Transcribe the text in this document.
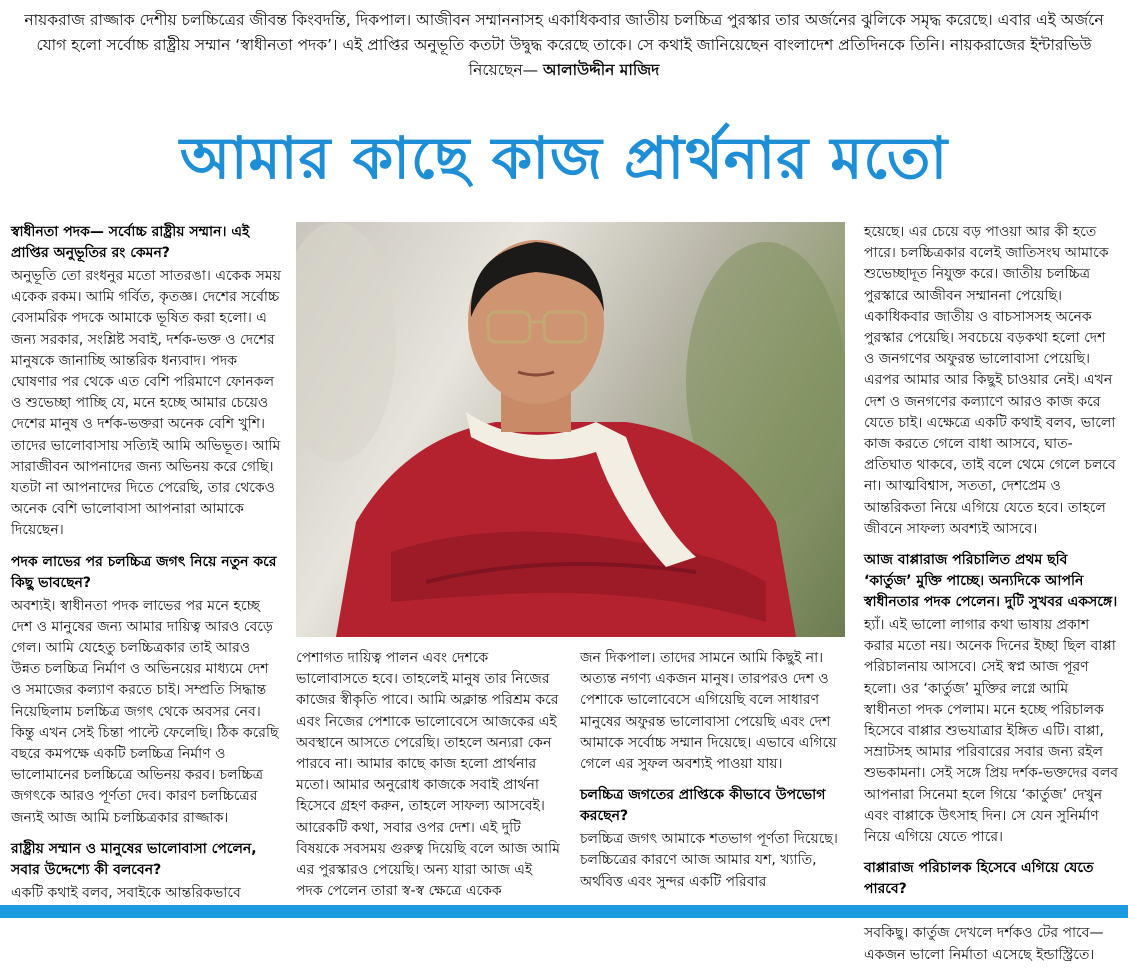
নায়করাজ রাজ্জাক দেশীয় চলচ্চিত্রের জীবন্ত কিংবদন্তি, দিকপাল। আজীবন সম্মাননাসহ একাধিকবার জাতীয় চলচ্চিত্র পুরস্কার তার অর্জনের ঝুলিকে সমৃদ্ধ করেছে। এবার এই অর্জনে যোগ হলো সর্বোচ্চ রাষ্ট্রীয় সম্মান ‘স্বাধীনতা পদক’। এই প্রাপ্তির অনুভূতি কতটা উদ্বুদ্ধ করেছে তাকে। সে কথাই জানিয়েছেন বাংলাদেশ প্রতিদিনকে তিনি। নায়করাজের ইন্টারভিউ নিয়েছেন— আলাউদ্দীন মাজিদ
আমার কাছে কাজ প্রার্থনার মতো
স্বাধীনতা পদক— সর্বোচ্চ রাষ্ট্রীয় সম্মান। এই প্রাপ্তির অনুভূতির রং কেমন?

অনুভূতি তো রংধনুর মতো সাতরঙা। একেক সময় একেক রকম। আমি গর্বিত, কৃতজ্ঞ। দেশের সর্বোচ্চ বেসামরিক পদকে আমাকে ভূষিত করা হলো। এ জন্য সরকার, সংশ্লিষ্ট সবাই, দর্শক-ভক্ত ও দেশের মানুষকে জানাচ্ছি আন্তরিক ধন্যবাদ। পদক ঘোষণার পর থেকে এত বেশি পরিমাণে ফোনকল ও শুভেচ্ছা পাচ্ছি যে, মনে হচ্ছে আমার চেয়েও দেশের মানুষ ও দর্শক-ভক্তরা অনেক বেশি খুশি। তাদের ভালোবাসায় সত্যিই আমি অভিভূত। আমি সারাজীবন আপনাদের জন্য অভিনয় করে গেছি। যতটা না আপনাদের দিতে পেরেছি, তার থেকেও অনেক বেশি ভালোবাসা আপনারা আমাকে দিয়েছেন।

পদক লাভের পর চলচ্চিত্র জগৎ নিয়ে নতুন করে কিছু ভাবছেন?

অবশ্যই। স্বাধীনতা পদক লাভের পর মনে হচ্ছে দেশ ও মানুষের জন্য আমার দায়িত্ব আরও বেড়ে গেল। আমি যেহেতু চলচ্চিত্রকার তাই আরও উন্নত চলচ্চিত্র নির্মাণ ও অভিনয়ের মাধ্যমে দেশ ও সমাজের কল্যাণ করতে চাই। সম্প্রতি সিদ্ধান্ত নিয়েছিলাম চলচ্চিত্র জগৎ থেকে অবসর নেব। কিন্তু এখন সেই চিন্তা পাল্টে ফেলেছি। ঠিক করেছি বছরে কমপক্ষে একটি চলচ্চিত্র নির্মাণ ও ভালোমানের চলচ্চিত্রে অভিনয় করব। চলচ্চিত্র জগৎকে আরও পূর্ণতা দেব। কারণ চলচ্চিত্রের জন্যই আজ আমি চলচ্চিত্রকার রাজ্জাক।

রাষ্ট্রীয় সম্মান ও মানুষের ভালোবাসা পেলেন, সবার উদ্দেশ্যে কী বলবেন?

একটি কথাই বলব, সবাইকে আন্তরিকভাবে

পেশাগত দায়িত্ব পালন এবং দেশকে ভালোবাসতে হবে। তাহলেই মানুষ তার নিজের কাজের স্বীকৃতি পাবে। আমি অক্লান্ত পরিশ্রম করে এবং নিজের পেশাকে ভালোবেসে আজকের এই অবস্থানে আসতে পেরেছি। তাহলে অন্যরা কেন পারবে না। আমার কাছে কাজ হলো প্রার্থনার মতো। আমার অনুরোধ কাজকে সবাই প্রার্থনা হিসেবে গ্রহণ করুন, তাহলে সাফল্য আসবেই। আরেকটি কথা, সবার ওপর দেশ। এই দুটি বিষয়কে সবসময় গুরুত্ব দিয়েছি বলে আজ আমি এর পুরস্কারও পেয়েছি। অন্য যারা আজ এই পদক পেলেন তারা স্ব-স্ব ক্ষেত্রে একেক

জন দিকপাল। তাদের সামনে আমি কিছুই না। অত্যন্ত নগণ্য একজন মানুষ। তারপরও দেশ ও পেশাকে ভালোবেসে এগিয়েছি বলে সাধারণ মানুষের অফুরন্ত ভালোবাসা পেয়েছি এবং দেশ আমাকে সর্বোচ্চ সম্মান দিয়েছে। এভাবে এগিয়ে গেলে এর সুফল অবশ্যই পাওয়া যায়।

চলচ্চিত্র জগতের প্রাপ্তিকে কীভাবে উপভোগ করছেন?

চলচ্চিত্র জগৎ আমাকে শতভাগ পূর্ণতা দিয়েছে। চলচ্চিত্রের কারণে আজ আমার যশ, খ্যাতি, অর্থবিত্ত এবং সুন্দর একটি পরিবার

হয়েছে। এর চেয়ে বড় পাওয়া আর কী হতে পারে। চলচ্চিত্রকার বলেই জাতিসংঘ আমাকে শুভেচ্ছাদূত নিযুক্ত করে। জাতীয় চলচ্চিত্র পুরস্কারে আজীবন সম্মাননা পেয়েছি। একাধিকবার জাতীয় ও বাচসাসসহ অনেক পুরস্কার পেয়েছি। সবচেয়ে বড়কথা হলো দেশ ও জনগণের অফুরন্ত ভালোবাসা পেয়েছি। এরপর আমার আর কিছুই চাওয়ার নেই। এখন দেশ ও জনগণের কল্যাণে আরও কাজ করে যেতে চাই। এক্ষেত্রে একটি কথাই বলব, ভালো কাজ করতে গেলে বাধা আসবে, ঘাত-প্রতিঘাত থাকবে, তাই বলে থেমে গেলে চলবে না। আত্মবিশ্বাস, সততা, দেশপ্রেম ও আন্তরিকতা নিয়ে এগিয়ে যেতে হবে। তাহলে জীবনে সাফল্য অবশ্যই আসবে।

আজ বাপ্পারাজ পরিচালিত প্রথম ছবি ‘কার্তুজ’ মুক্তি পাচ্ছে। অন্যদিকে আপনি স্বাধীনতার পদক পেলেন। দুটি সুখবর একসঙ্গে।

হ্যাঁ। এই ভালো লাগার কথা ভাষায় প্রকাশ করার মতো নয়। অনেক দিনের ইচ্ছা ছিল বাপ্পা পরিচালনায় আসবে। সেই স্বপ্ন আজ পূরণ হলো। ওর ‘কার্তুজ’ মুক্তির লগ্নে আমি স্বাধীনতা পদক পেলাম। মনে হচ্ছে পরিচালক হিসেবে বাপ্পার শুভযাত্রার ইঙ্গিত এটি। বাপ্পা, সম্রাটসহ আমার পরিবারের সবার জন্য রইল শুভকামনা। সেই সঙ্গে প্রিয় দর্শক-ভক্তদের বলব আপনারা সিনেমা হলে গিয়ে ‘কার্তুজ’ দেখুন এবং বাপ্পাকে উৎসাহ দিন। সে যেন সুনির্মাণ নিয়ে এগিয়ে যেতে পারে।

বাপ্পারাজ পরিচালক হিসেবে এগিয়ে যেতে পারবে?

সবকিছু। কার্তুজ দেখলে দর্শকও টের পাবে— একজন ভালো নির্মাতা এসেছে ইন্ডাস্ট্রিতে।
